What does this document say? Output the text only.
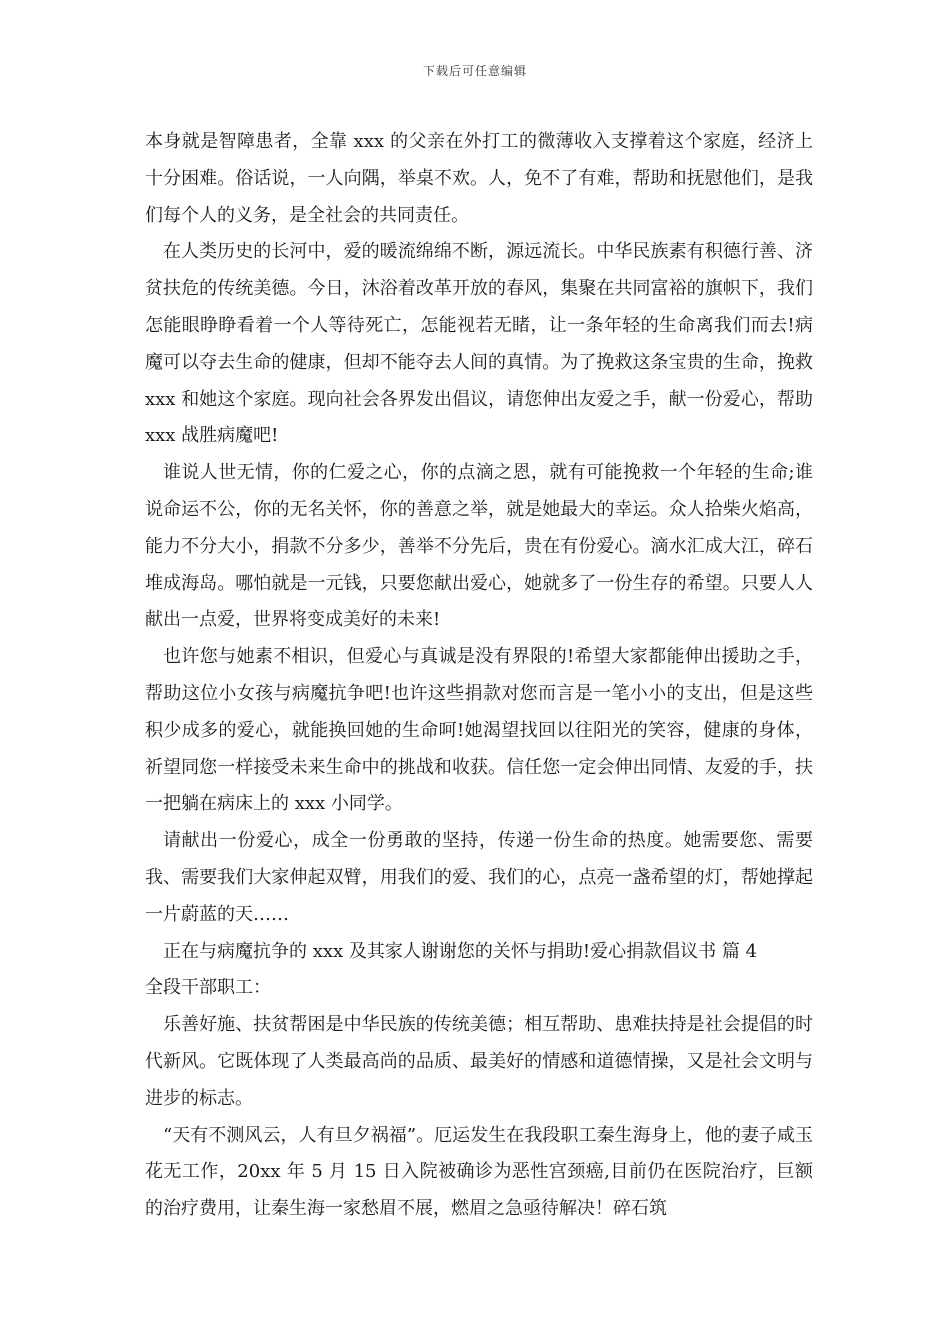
下载后可任意编辑

本身就是智障患者，全靠 xxx 的父亲在外打工的微薄收入支撑着这个家庭，经济上十分困难。俗话说，一人向隅，举桌不欢。人，免不了有难，帮助和抚慰他们，是我们每个人的义务，是全社会的共同责任。

在人类历史的长河中，爱的暖流绵绵不断，源远流长。中华民族素有积德行善、济贫扶危的传统美德。今日，沐浴着改革开放的春风，集聚在共同富裕的旗帜下，我们怎能眼睁睁看着一个人等待死亡，怎能视若无睹，让一条年轻的生命离我们而去!病魔可以夺去生命的健康，但却不能夺去人间的真情。为了挽救这条宝贵的生命，挽救 xxx 和她这个家庭。现向社会各界发出倡议，请您伸出友爱之手，献一份爱心，帮助 xxx 战胜病魔吧!

谁说人世无情，你的仁爱之心，你的点滴之恩，就有可能挽救一个年轻的生命;谁说命运不公，你的无名关怀，你的善意之举，就是她最大的幸运。众人拾柴火焰高，能力不分大小，捐款不分多少，善举不分先后，贵在有份爱心。滴水汇成大江，碎石堆成海岛。哪怕就是一元钱，只要您献出爱心，她就多了一份生存的希望。只要人人献出一点爱，世界将变成美好的未来!

也许您与她素不相识，但爱心与真诚是没有界限的!希望大家都能伸出援助之手，帮助这位小女孩与病魔抗争吧!也许这些捐款对您而言是一笔小小的支出，但是这些积少成多的爱心，就能换回她的生命呵!她渴望找回以往阳光的笑容，健康的身体，祈望同您一样接受未来生命中的挑战和收获。信任您一定会伸出同情、友爱的手，扶一把躺在病床上的 xxx 小同学。

请献出一份爱心，成全一份勇敢的坚持，传递一份生命的热度。她需要您、需要我、需要我们大家伸起双臂，用我们的爱、我们的心，点亮一盏希望的灯，帮她撑起一片蔚蓝的天……

正在与病魔抗争的 xxx 及其家人谢谢您的关怀与捐助!爱心捐款倡议书 篇 4

全段干部职工：

乐善好施、扶贫帮困是中华民族的传统美德；相互帮助、患难扶持是社会提倡的时代新风。它既体现了人类最高尚的品质、最美好的情感和道德情操，又是社会文明与进步的标志。

“天有不测风云，人有旦夕祸福”。厄运发生在我段职工秦生海身上，他的妻子咸玉花无工作，20xx 年 5 月 15 日入院被确诊为恶性宫颈癌,目前仍在医院治疗，巨额的治疗费用，让秦生海一家愁眉不展，燃眉之急亟待解决！碎石筑
